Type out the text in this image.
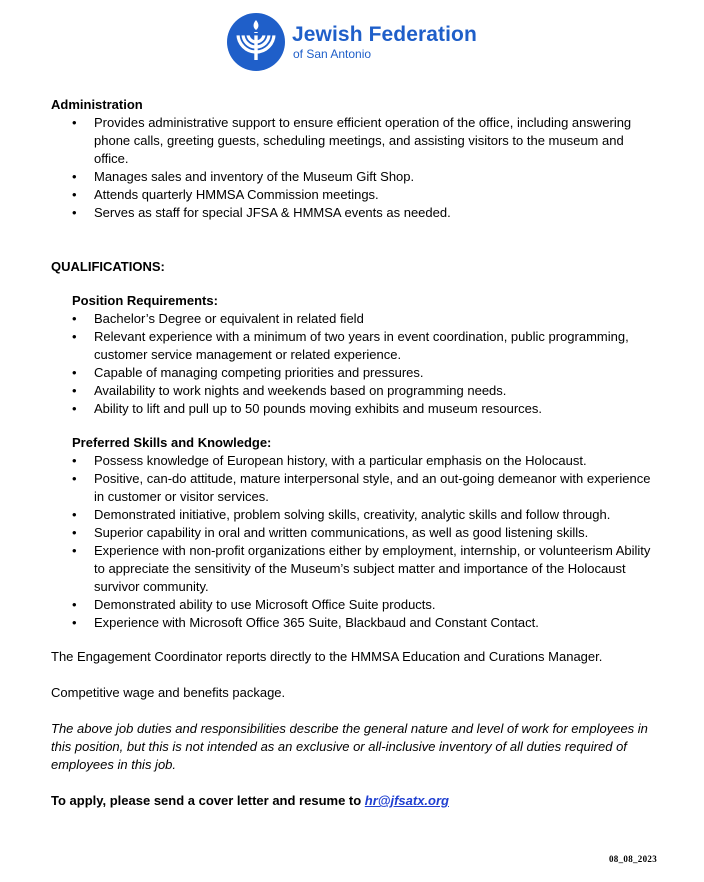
Jewish Federation
of San Antonio
Administration
• Provides administrative support to ensure efficient operation of the office, including answering phone calls, greeting guests, scheduling meetings, and assisting visitors to the museum and office.
• Manages sales and inventory of the Museum Gift Shop.
• Attends quarterly HMMSA Commission meetings.
• Serves as staff for special JFSA & HMMSA events as needed.
QUALIFICATIONS:
Position Requirements:
• Bachelor’s Degree or equivalent in related field
• Relevant experience with a minimum of two years in event coordination, public programming, customer service management or related experience.
• Capable of managing competing priorities and pressures.
• Availability to work nights and weekends based on programming needs.
• Ability to lift and pull up to 50 pounds moving exhibits and museum resources.
Preferred Skills and Knowledge:
• Possess knowledge of European history, with a particular emphasis on the Holocaust.
• Positive, can-do attitude, mature interpersonal style, and an out-going demeanor with experience in customer or visitor services.
• Demonstrated initiative, problem solving skills, creativity, analytic skills and follow through.
• Superior capability in oral and written communications, as well as good listening skills.
• Experience with non-profit organizations either by employment, internship, or volunteerism Ability to appreciate the sensitivity of the Museum’s subject matter and importance of the Holocaust survivor community.
• Demonstrated ability to use Microsoft Office Suite products.
• Experience with Microsoft Office 365 Suite, Blackbaud and Constant Contact.
The Engagement Coordinator reports directly to the HMMSA Education and Curations Manager.
Competitive wage and benefits package.
The above job duties and responsibilities describe the general nature and level of work for employees in this position, but this is not intended as an exclusive or all-inclusive inventory of all duties required of employees in this job.
To apply, please send a cover letter and resume to hr@jfsatx.org
08_08_2023
